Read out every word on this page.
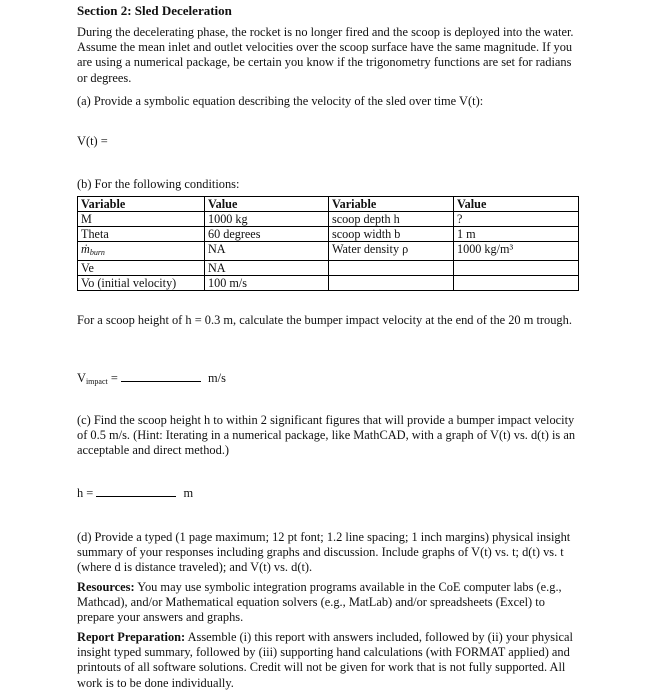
Section 2: Sled Deceleration
During the decelerating phase, the rocket is no longer fired and the scoop is deployed into the water. Assume the mean inlet and outlet velocities over the scoop surface have the same magnitude. If you are using a numerical package, be certain you know if the trigonometry functions are set for radians or degrees.
(a) Provide a symbolic equation describing the velocity of the sled over time V(t):
V(t) =
(b) For the following conditions:
Variable	Value	Variable	Value
M	1000 kg	scoop depth h	?
Theta	60 degrees	scoop width b	1 m
ṁ$_{burn}$	NA	Water density ρ	1000 kg/m³
Ve	NA		
Vo (initial velocity)	100 m/s		
For a scoop height of h = 0.3 m, calculate the bumper impact velocity at the end of the 20 m trough.
$V_{impact}$ =	m/s
(c) Find the scoop height h to within 2 significant figures that will provide a bumper impact velocity of 0.5 m/s. (Hint: Iterating in a numerical package, like MathCAD, with a graph of V(t) vs. d(t) is an acceptable and direct method.)
h =	m
(d) Provide a typed (1 page maximum; 12 pt font; 1.2 line spacing; 1 inch margins) physical insight summary of your responses including graphs and discussion. Include graphs of V(t) vs. t; d(t) vs. t (where d is distance traveled); and V(t) vs. d(t).
Resources: You may use symbolic integration programs available in the CoE computer labs (e.g., Mathcad), and/or Mathematical equation solvers (e.g., MatLab) and/or spreadsheets (Excel) to prepare your answers and graphs.
Report Preparation: Assemble (i) this report with answers included, followed by (ii) your physical insight typed summary, followed by (iii) supporting hand calculations (with FORMAT applied) and printouts of all software solutions. Credit will not be given for work that is not fully supported. All work is to be done individually.
